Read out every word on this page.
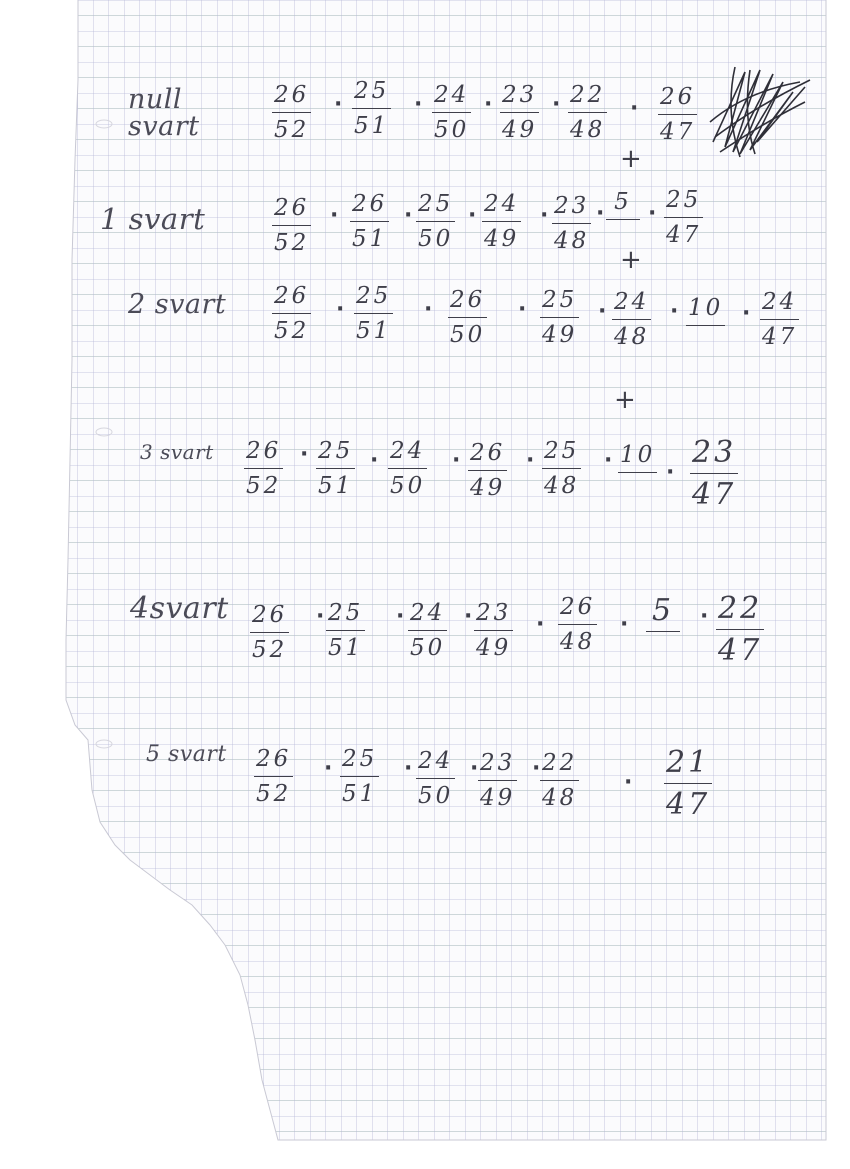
null
svart
26
52
·
25
51
· 24
50
· 23
49
· 22
48
· 26
47
+
1 svart	26
52
· 26
51
· 25
50
· 24
49
· 23
48
· 5 ·
25
47
+
2 svart 26
52
·
25
51
· 26
50
· 25
49
· 24
48
· 10 · 24
47
+
3 svart 26
52
· 25
51
· 24
50
· 26
49
· 25
48
· 10
·
23
47
4svart 26
52
· 25
51
· 24
50
· 23
49
·
26
48
· 5 · 22
47
5 svart 26
52
· 25
51
· 24
50
· 23
49
· 22
48
·
21
47
